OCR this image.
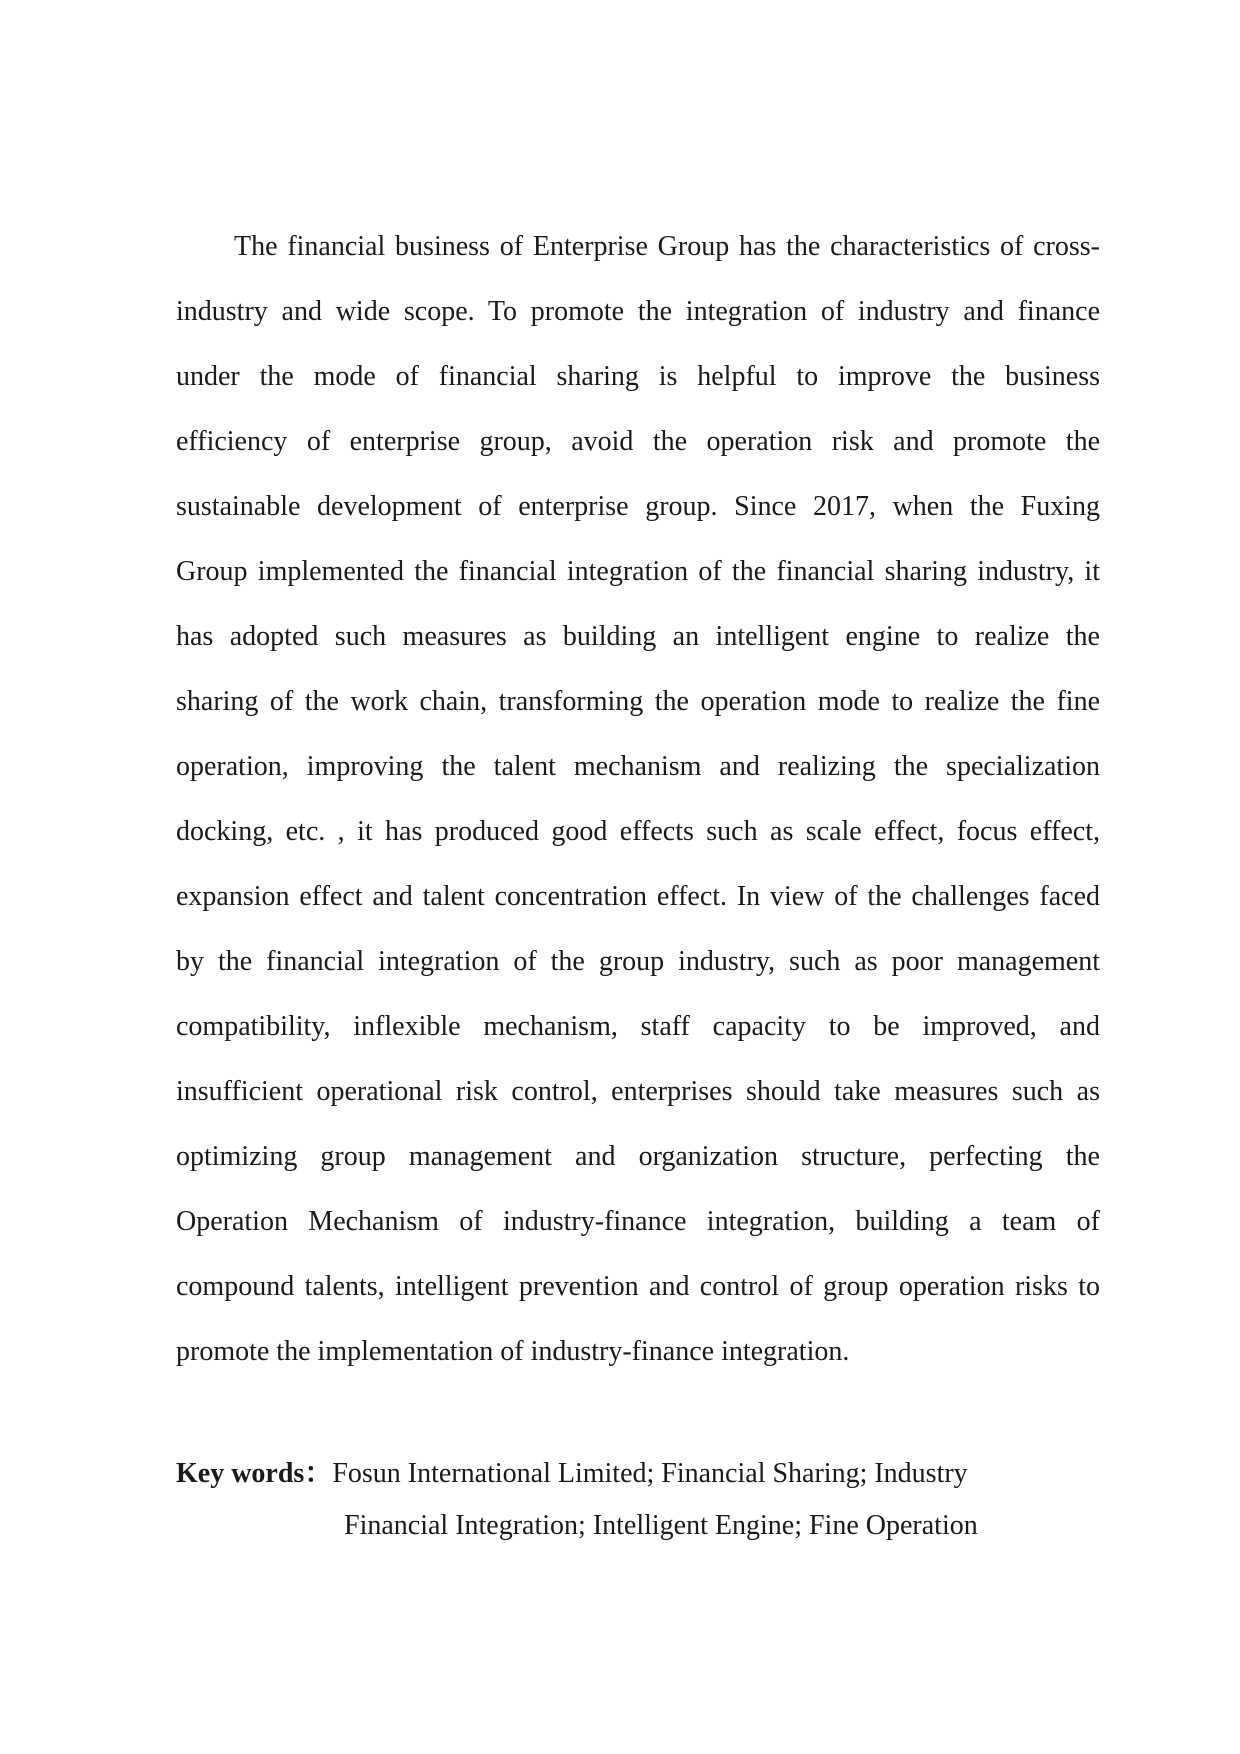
The financial business of Enterprise Group has the characteristics of cross-
industry and wide scope. To promote the integration of industry and finance
under the mode of financial sharing is helpful to improve the business
efficiency of enterprise group, avoid the operation risk and promote the
sustainable development of enterprise group. Since 2017, when the Fuxing
Group implemented the financial integration of the financial sharing industry, it
has adopted such measures as building an intelligent engine to realize the
sharing of the work chain, transforming the operation mode to realize the fine
operation, improving the talent mechanism and realizing the specialization
docking, etc. , it has produced good effects such as scale effect, focus effect,
expansion effect and talent concentration effect. In view of the challenges faced
by the financial integration of the group industry, such as poor management
compatibility, inflexible mechanism, staff capacity to be improved, and
insufficient operational risk control, enterprises should take measures such as
optimizing group management and organization structure, perfecting the
Operation Mechanism of industry-finance integration, building a team of
compound talents, intelligent prevention and control of group operation risks to
promote the implementation of industry-finance integration.
Key words：Fosun International Limited; Financial Sharing; Industry
Financial Integration; Intelligent Engine; Fine Operation
